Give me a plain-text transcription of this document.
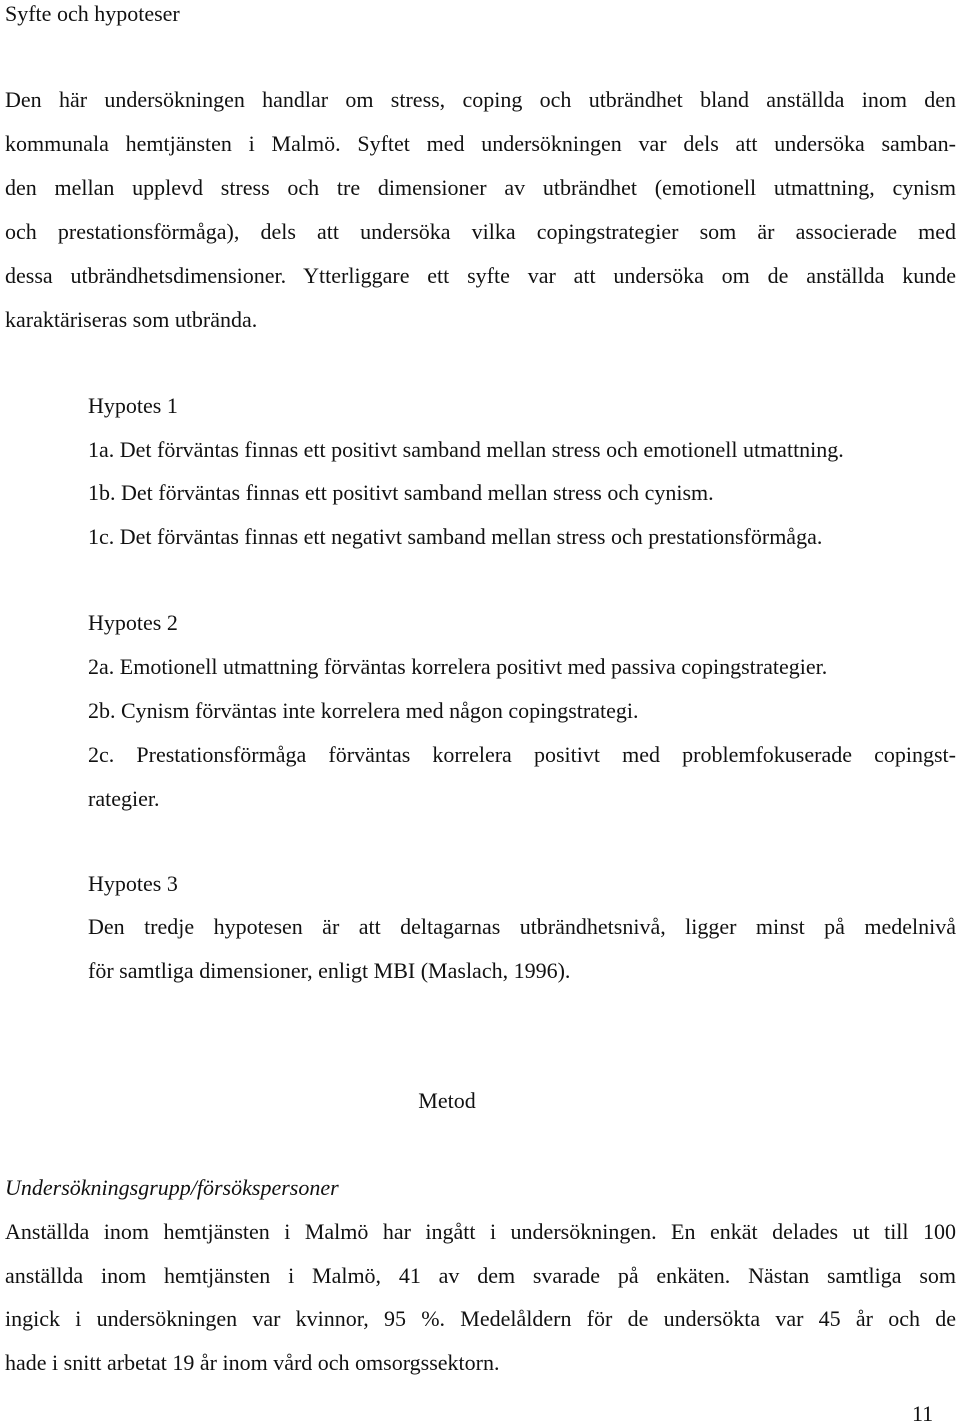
Syfte och hypoteser
Den här undersökningen handlar om stress, coping och utbrändhet bland anställda inom den
kommunala hemtjänsten i Malmö. Syftet med undersökningen var dels att undersöka samban-
den mellan upplevd stress och tre dimensioner av utbrändhet (emotionell utmattning, cynism
och prestationsförmåga), dels att undersöka vilka copingstrategier som är associerade med
dessa utbrändhetsdimensioner. Ytterliggare ett syfte var att undersöka om de anställda kunde
karaktäriseras som utbrända.
Hypotes 1
1a. Det förväntas finnas ett positivt samband mellan stress och emotionell utmattning.
1b. Det förväntas finnas ett positivt samband mellan stress och cynism.
1c. Det förväntas finnas ett negativt samband mellan stress och prestationsförmåga.
Hypotes 2
2a. Emotionell utmattning förväntas korrelera positivt med passiva copingstrategier.
2b. Cynism förväntas inte korrelera med någon copingstrategi.
2c. Prestationsförmåga förväntas korrelera positivt med problemfokuserade copingst-
rategier.
Hypotes 3
Den tredje hypotesen är att deltagarnas utbrändhetsnivå, ligger minst på medelnivå
för samtliga dimensioner, enligt MBI (Maslach, 1996).
Metod
Undersökningsgrupp/försökspersoner
Anställda inom hemtjänsten i Malmö har ingått i undersökningen. En enkät delades ut till 100
anställda inom hemtjänsten i Malmö, 41 av dem svarade på enkäten. Nästan samtliga som
ingick i undersökningen var kvinnor, 95 %. Medelåldern för de undersökta var 45 år och de
hade i snitt arbetat 19 år inom vård och omsorgssektorn.
11
